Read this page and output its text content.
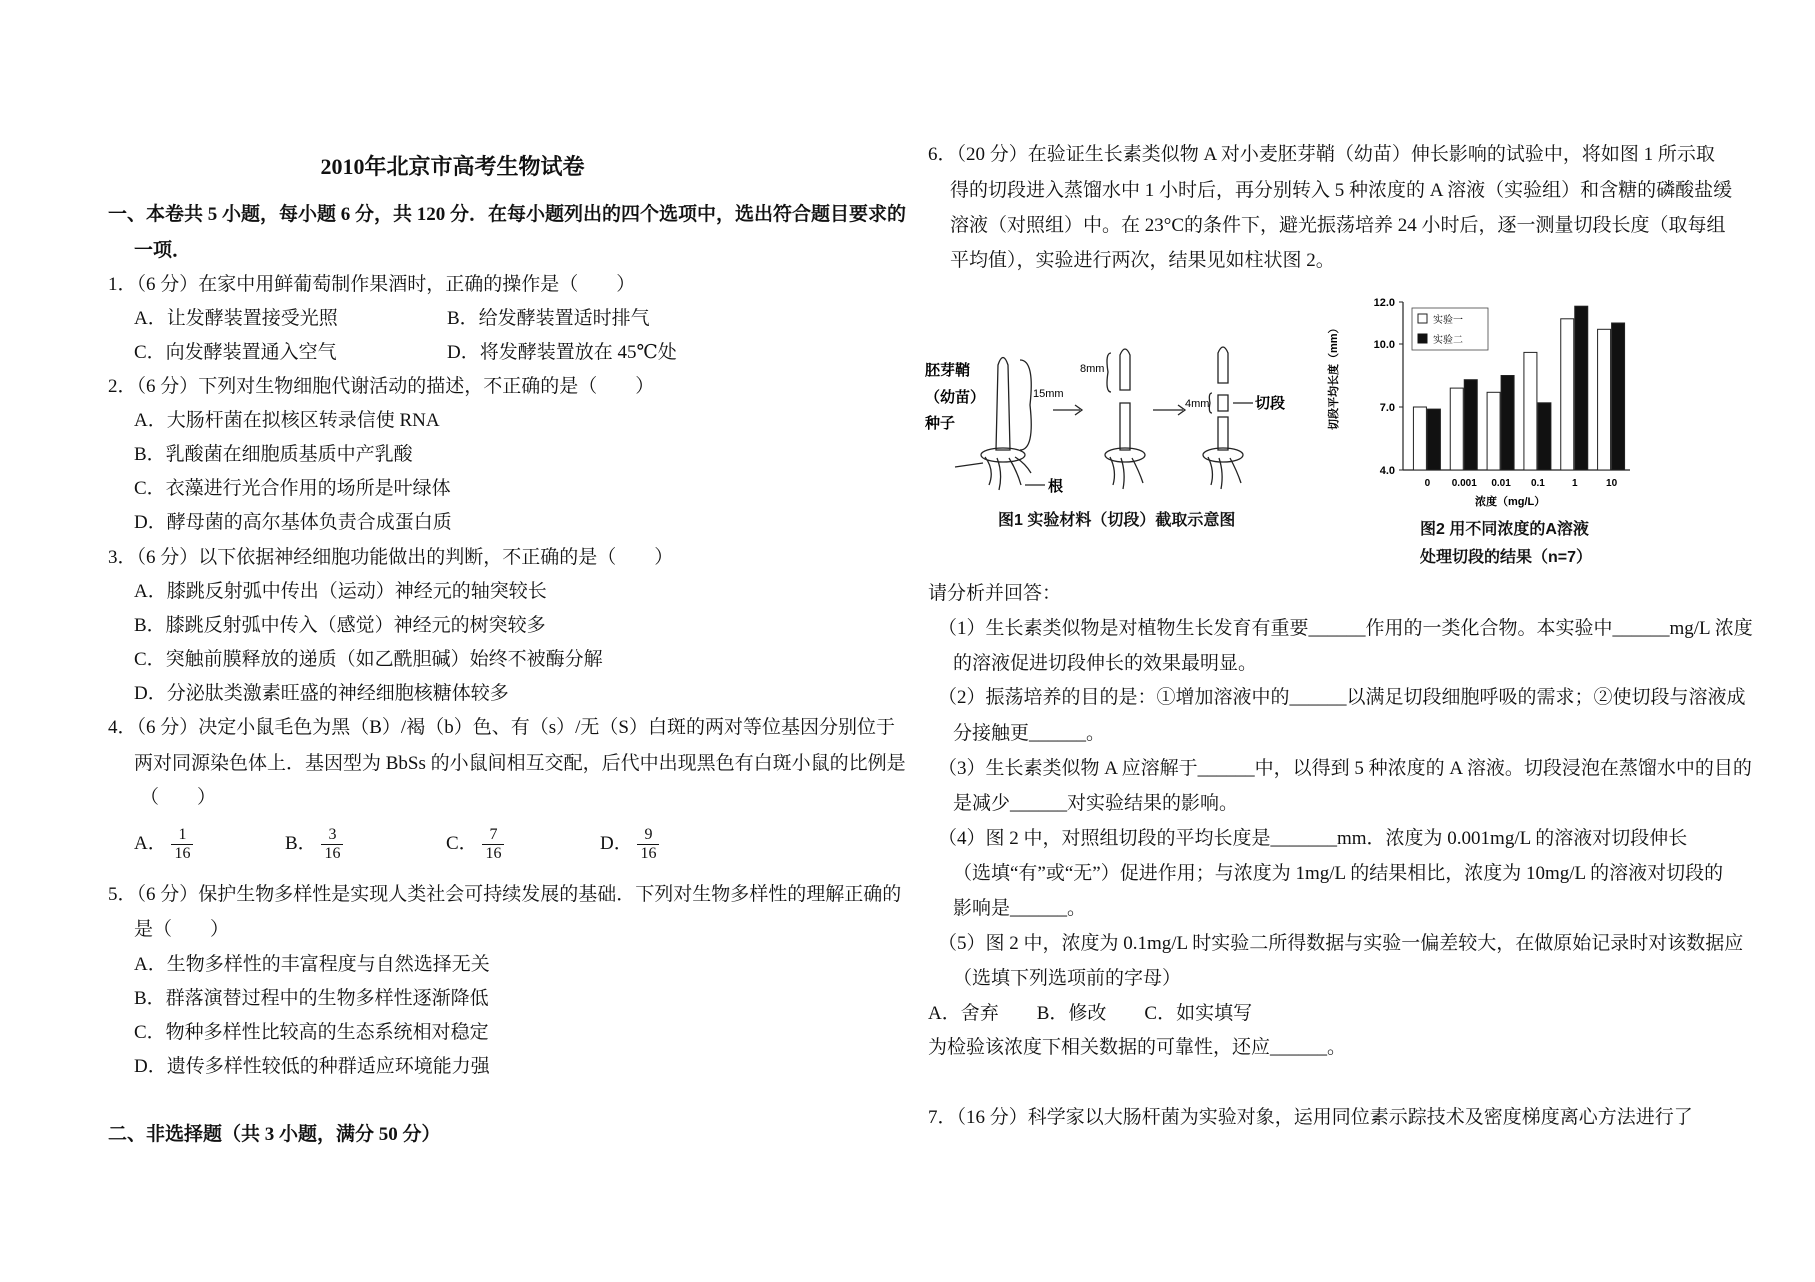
2010年北京市高考生物试卷
一、本卷共 5 小题，每小题 6 分，共 120 分．在每小题列出的四个选项中，选出符合题目要求的
一项．
1．（6 分）在家中用鲜葡萄制作果酒时，正确的操作是（　　）
A．让发酵装置接受光照	B．给发酵装置适时排气
C．向发酵装置通入空气	D．将发酵装置放在 45℃处
2．（6 分）下列对生物细胞代谢活动的描述，不正确的是（　　）
A．大肠杆菌在拟核区转录信使 RNA
B．乳酸菌在细胞质基质中产乳酸
C．衣藻进行光合作用的场所是叶绿体
D．酵母菌的高尔基体负责合成蛋白质
3．（6 分）以下依据神经细胞功能做出的判断，不正确的是（　　）
A．膝跳反射弧中传出（运动）神经元的轴突较长
B．膝跳反射弧中传入（感觉）神经元的树突较多
C．突触前膜释放的递质（如乙酰胆碱）始终不被酶分解
D．分泌肽类激素旺盛的神经细胞核糖体较多
4．（6 分）决定小鼠毛色为黑（B）/褐（b）色、有（s）/无（S）白斑的两对等位基因分别位于
两对同源染色体上．基因型为 BbSs 的小鼠间相互交配，后代中出现黑色有白斑小鼠的比例是
（　　）
A． $\frac{1}{16}$	B． $\frac{3}{16}$	C． $\frac{7}{16}$	D． $\frac{9}{16}$
5．（6 分）保护生物多样性是实现人类社会可持续发展的基础．下列对生物多样性的理解正确的
是（　　）
A．生物多样性的丰富程度与自然选择无关
B．群落演替过程中的生物多样性逐渐降低
C．物种多样性比较高的生态系统相对稳定
D．遗传多样性较低的种群适应环境能力强
二、非选择题（共 3 小题，满分 50 分）
6．（20 分）在验证生长素类似物 A 对小麦胚芽鞘（幼苗）伸长影响的试验中，将如图 1 所示取
得的切段进入蒸馏水中 1 小时后，再分别转入 5 种浓度的 A 溶液（实验组）和含糖的磷酸盐缓
溶液（对照组）中。在 23°C的条件下，避光振荡培养 24 小时后，逐一测量切段长度（取每组
平均值），实验进行两次，结果见如柱状图 2。
胚芽鞘
（幼苗）
种子
根
15mm
8mm
4mm	切段
图1 实验材料（切段）截取示意图
切段平均长度（mm）
4.0
7.0
10.0
12.0
0 0.001 0.01 0.1	1	10
实验一
实验二
浓度（mg/L）
图2 用不同浓度的A溶液
处理切段的结果（n=7）
请分析并回答：
（1）生长素类似物是对植物生长发育有重要______作用的一类化合物。本实验中______mg/L 浓度
的溶液促进切段伸长的效果最明显。
（2）振荡培养的目的是：①增加溶液中的______以满足切段细胞呼吸的需求；②使切段与溶液成
分接触更______。
（3）生长素类似物 A 应溶解于______中，以得到 5 种浓度的 A 溶液。切段浸泡在蒸馏水中的目的
是减少______对实验结果的影响。
（4）图 2 中，对照组切段的平均长度是_______mm．浓度为 0.001mg/L 的溶液对切段伸长
（选填“有”或“无”）促进作用；与浓度为 1mg/L 的结果相比，浓度为 10mg/L 的溶液对切段的
影响是______。
（5）图 2 中，浓度为 0.1mg/L 时实验二所得数据与实验一偏差较大，在做原始记录时对该数据应
（选填下列选项前的字母）
A．舍弃　　B．修改　　C．如实填写
为检验该浓度下相关数据的可靠性，还应______。
7．（16 分）科学家以大肠杆菌为实验对象，运用同位素示踪技术及密度梯度离心方法进行了
